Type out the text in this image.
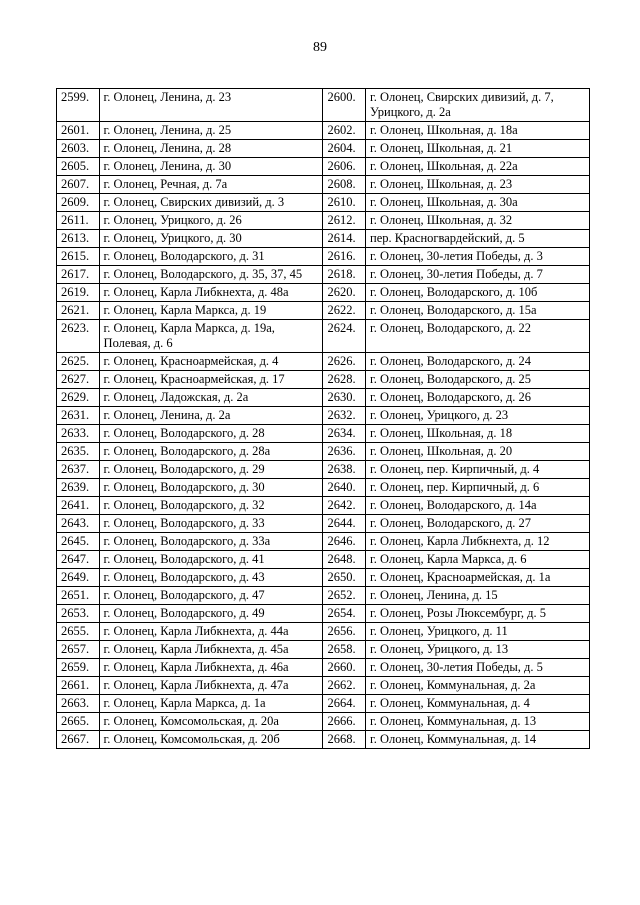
89
2599.	г. Олонец, Ленина, д. 23	2600.	г. Олонец, Свирских дивизий, д. 7, Урицкого, д. 2а
2601.	г. Олонец, Ленина, д. 25	2602.	г. Олонец, Школьная, д. 18а
2603.	г. Олонец, Ленина, д. 28	2604.	г. Олонец, Школьная, д. 21
2605.	г. Олонец, Ленина, д. 30	2606.	г. Олонец, Школьная, д. 22а
2607.	г. Олонец, Речная, д. 7а	2608.	г. Олонец, Школьная, д. 23
2609.	г. Олонец, Свирских дивизий, д. 3	2610.	г. Олонец, Школьная, д. 30а
2611.	г. Олонец, Урицкого, д. 26	2612.	г. Олонец, Школьная, д. 32
2613.	г. Олонец, Урицкого, д. 30	2614.	пер. Красногвардейский, д. 5
2615.	г. Олонец, Володарского, д. 31	2616.	г. Олонец, 30-летия Победы, д. 3
2617.	г. Олонец, Володарского, д. 35, 37, 45	2618.	г. Олонец, 30-летия Победы, д. 7
2619.	г. Олонец, Карла Либкнехта, д. 48а	2620.	г. Олонец, Володарского, д. 10б
2621.	г. Олонец, Карла Маркса, д. 19	2622.	г. Олонец, Володарского, д. 15а
2623.	г. Олонец, Карла Маркса, д. 19а, Полевая, д. 6	2624.	г. Олонец, Володарского, д. 22
2625.	г. Олонец, Красноармейская, д. 4	2626.	г. Олонец, Володарского, д. 24
2627.	г. Олонец, Красноармейская, д. 17	2628.	г. Олонец, Володарского, д. 25
2629.	г. Олонец, Ладожская, д. 2а	2630.	г. Олонец, Володарского, д. 26
2631.	г. Олонец, Ленина, д. 2а	2632.	г. Олонец, Урицкого, д. 23
2633.	г. Олонец, Володарского, д. 28	2634.	г. Олонец, Школьная, д. 18
2635.	г. Олонец, Володарского, д. 28а	2636.	г. Олонец, Школьная, д. 20
2637.	г. Олонец, Володарского, д. 29	2638.	г. Олонец, пер. Кирпичный, д. 4
2639.	г. Олонец, Володарского, д. 30	2640.	г. Олонец, пер. Кирпичный, д. 6
2641.	г. Олонец, Володарского, д. 32	2642.	г. Олонец, Володарского, д. 14а
2643.	г. Олонец, Володарского, д. 33	2644.	г. Олонец, Володарского, д. 27
2645.	г. Олонец, Володарского, д. 33а	2646.	г. Олонец, Карла Либкнехта, д. 12
2647.	г. Олонец, Володарского, д. 41	2648.	г. Олонец, Карла Маркса, д. 6
2649.	г. Олонец, Володарского, д. 43	2650.	г. Олонец, Красноармейская, д. 1а
2651.	г. Олонец, Володарского, д. 47	2652.	г. Олонец, Ленина, д. 15
2653.	г. Олонец, Володарского, д. 49	2654.	г. Олонец, Розы Люксембург, д. 5
2655.	г. Олонец, Карла Либкнехта, д. 44а	2656.	г. Олонец, Урицкого, д. 11
2657.	г. Олонец, Карла Либкнехта, д. 45а	2658.	г. Олонец, Урицкого, д. 13
2659.	г. Олонец, Карла Либкнехта, д. 46а	2660.	г. Олонец, 30-летия Победы, д. 5
2661.	г. Олонец, Карла Либкнехта, д. 47а	2662.	г. Олонец, Коммунальная, д. 2а
2663.	г. Олонец, Карла Маркса, д. 1а	2664.	г. Олонец, Коммунальная, д. 4
2665.	г. Олонец, Комсомольская, д. 20а	2666.	г. Олонец, Коммунальная, д. 13
2667.	г. Олонец, Комсомольская, д. 20б	2668.	г. Олонец, Коммунальная, д. 14
